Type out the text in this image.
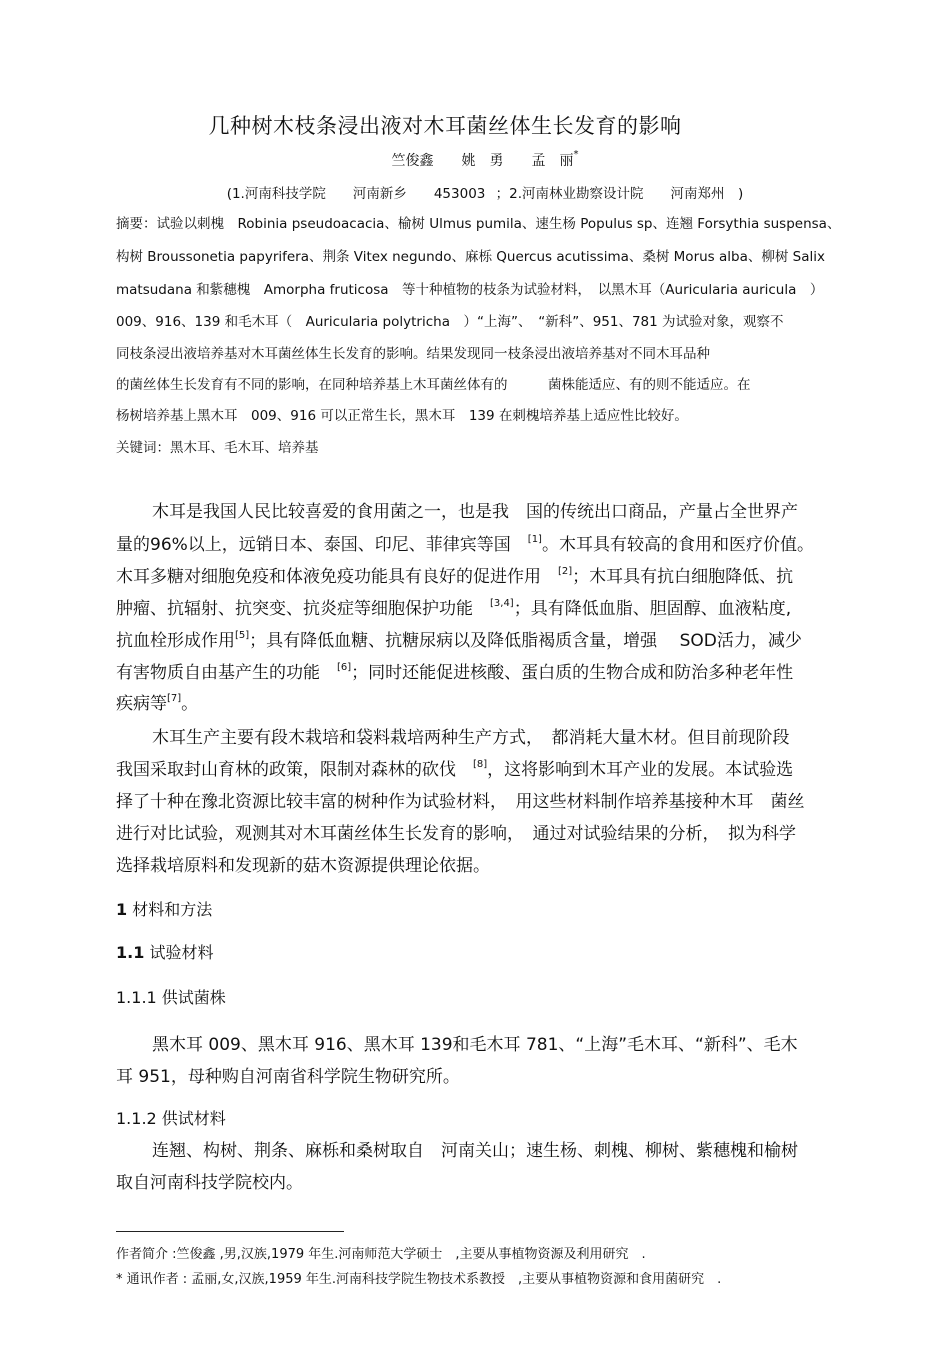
几种树木枝条浸出液对木耳菌丝体生长发育的影响
竺俊鑫　　姚　勇　　孟　丽*
(1.河南科技学院　　河南新乡　　453003 ；2.河南林业勘察设计院　　河南郑州　)
摘要：试验以刺槐　Robinia pseudoacacia、榆树 Ulmus pumila、速生杨 Populus sp、连翘 Forsythia suspensa、
构树 Broussonetia papyrifera、荆条 Vitex negundo、麻栎 Quercus acutissima、桑树 Morus alba、柳树 Salix
matsudana 和紫穗槐　Amorpha fruticosa　等十种植物的枝条为试验材料，　以黑木耳（Auricularia auricula　）
009、916、139 和毛木耳（　Auricularia polytricha　）“上海”、　“新科”、951、781 为试验对象，观察不
同枝条浸出液培养基对木耳菌丝体生长发育的影响。结果发现同一枝条浸出液培养基对不同木耳品种
的菌丝体生长发育有不同的影响，在同种培养基上木耳菌丝体有的　　　菌株能适应、有的则不能适应。在
杨树培养基上黑木耳　009、916 可以正常生长，黑木耳　139 在刺槐培养基上适应性比较好。
关键词：黑木耳、毛木耳、培养基
木耳是我国人民比较喜爱的食用菌之一，也是我　国的传统出口商品，产量占全世界产
量的96%以上，远销日本、泰国、印尼、菲律宾等国　[1]。木耳具有较高的食用和医疗价值。
木耳多糖对细胞免疫和体液免疫功能具有良好的促进作用　[2]；木耳具有抗白细胞降低、抗
肿瘤、抗辐射、抗突变、抗炎症等细胞保护功能　[3,4]；具有降低血脂、胆固醇、血液粘度,
抗血栓形成作用[5]；具有降低血糖、抗糖尿病以及降低脂褐质含量，增强　 SOD活力，减少
有害物质自由基产生的功能　[6]；同时还能促进核酸、蛋白质的生物合成和防治多种老年性
疾病等[7]。
木耳生产主要有段木栽培和袋料栽培两种生产方式，　都消耗大量木材。但目前现阶段
我国采取封山育林的政策，限制对森林的砍伐　[8]，这将影响到木耳产业的发展。本试验选
择了十种在豫北资源比较丰富的树种作为试验材料，　用这些材料制作培养基接种木耳　菌丝
进行对比试验，观测其对木耳菌丝体生长发育的影响，　通过对试验结果的分析，　拟为科学
选择栽培原料和发现新的菇木资源提供理论依据。
1 材料和方法
1.1 试验材料
1.1.1 供试菌株
黑木耳 009、黑木耳 916、黑木耳 139和毛木耳 781、“上海”毛木耳、“新科”、毛木
耳 951，母种购自河南省科学院生物研究所。
1.1.2 供试材料
连翘、构树、荆条、麻栎和桑树取自　河南关山；速生杨、刺槐、柳树、紫穗槐和榆树
取自河南科技学院校内。
作者简介 :竺俊鑫 ,男,汉族,1979 年生.河南师范大学硕士　,主要从事植物资源及利用研究　.
* 通讯作者 : 孟丽,女,汉族,1959 年生.河南科技学院生物技术系教授　,主要从事植物资源和食用菌研究　.
